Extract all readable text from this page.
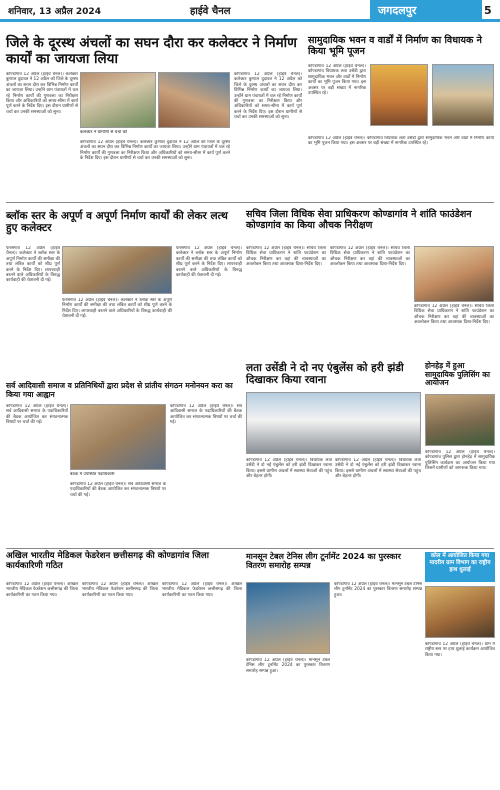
शनिवार, 13 अप्रैल 2024	हाईवे चैनल	जगदलपुर	5
जिले के दूरस्थ अंचलों का सघन दौरा कर कलेक्टर ने निर्माण कार्यों का जायजा लिया
कोण्डागांव 12 अप्रैल (हाईवे चैनल)। कलेक्टर कुणाल दुदावत ने 12 अप्रैल को जिले के दूरस्थ अंचलों का सघन दौरा कर विभिन्न निर्माण कार्यों का जायजा लिया। उन्होंने ग्राम पंचायतों में चल रहे निर्माण कार्यों की गुणवत्ता का निरीक्षण किया और अधिकारियों को समय-सीमा में कार्य पूर्ण करने के निर्देश दिए। इस दौरान ग्रामीणों से चर्चा कर उनकी समस्याओं को सुना।
कलेक्टर ने ग्रामीणों से चर्चा की
कोण्डागांव 12 अप्रैल (हाईवे चैनल)। कलेक्टर कुणाल दुदावत ने 12 अप्रैल को जिले के दूरस्थ अंचलों का सघन दौरा कर विभिन्न निर्माण कार्यों का जायजा लिया। उन्होंने ग्राम पंचायतों में चल रहे निर्माण कार्यों की गुणवत्ता का निरीक्षण किया और अधिकारियों को समय-सीमा में कार्य पूर्ण करने के निर्देश दिए। इस दौरान ग्रामीणों से चर्चा कर उनकी समस्याओं को सुना।
कोण्डागांव 12 अप्रैल (हाईवे चैनल)। कलेक्टर कुणाल दुदावत ने 12 अप्रैल को जिले के दूरस्थ अंचलों का सघन दौरा कर विभिन्न निर्माण कार्यों का जायजा लिया। उन्होंने ग्राम पंचायतों में चल रहे निर्माण कार्यों की गुणवत्ता का निरीक्षण किया और अधिकारियों को समय-सीमा में कार्य पूर्ण करने के निर्देश दिए। इस दौरान ग्रामीणों से चर्चा कर उनकी समस्याओं को सुना।
सामुदायिक भवन व वार्डों में निर्माण का विधायक ने किया भूमि पूजन
कोण्डागांव 12 अप्रैल (हाईवे चैनल)। कोण्डागांव विधायक लता उसेंडी द्वारा सामुदायिक भवन और वार्डों में निर्माण कार्यों का भूमि पूजन किया गया। इस अवसर पर बड़ी संख्या में नागरिक उपस्थित रहे।
कोण्डागांव 12 अप्रैल (हाईवे चैनल)। कोण्डागांव विधायक लता उसेंडी द्वारा सामुदायिक भवन और वार्डों में निर्माण कार्यों का भूमि पूजन किया गया। इस अवसर पर बड़ी संख्या में नागरिक उपस्थित रहे।
ब्लॉक स्तर के अपूर्ण व अपूर्ण निर्माण कार्यों की लेकर लत्थ हुए कलेक्टर
फरसगांव 12 अप्रैल (हाईवे चैनल)। कलेक्टर ने ब्लॉक स्तर के अपूर्ण निर्माण कार्यों की समीक्षा की तथा लंबित कार्यों को शीघ्र पूर्ण करने के निर्देश दिए। लापरवाही बरतने वाले अधिकारियों के विरुद्ध कार्यवाही की चेतावनी दी गई।
फरसगांव 12 अप्रैल (हाईवे चैनल)। कलेक्टर ने ब्लॉक स्तर के अपूर्ण निर्माण कार्यों की समीक्षा की तथा लंबित कार्यों को शीघ्र पूर्ण करने के निर्देश दिए। लापरवाही बरतने वाले अधिकारियों के विरुद्ध कार्यवाही की चेतावनी दी गई।
फरसगांव 12 अप्रैल (हाईवे चैनल)। कलेक्टर ने ब्लॉक स्तर के अपूर्ण निर्माण कार्यों की समीक्षा की तथा लंबित कार्यों को शीघ्र पूर्ण करने के निर्देश दिए। लापरवाही बरतने वाले अधिकारियों के विरुद्ध कार्यवाही की चेतावनी दी गई।
सचिव जिला विधिक सेवा प्राधिकरण कोण्डागांव ने शांति फाउंडेशन कोण्डागांव का किया औचक निरीक्षण
कोण्डागांव 12 अप्रैल (हाईवे चैनल)। सचिव जिला विधिक सेवा प्राधिकरण ने शांति फाउंडेशन का औचक निरीक्षण कर वहां की व्यवस्थाओं का अवलोकन किया तथा आवश्यक दिशा-निर्देश दिए।
कोण्डागांव 12 अप्रैल (हाईवे चैनल)। सचिव जिला विधिक सेवा प्राधिकरण ने शांति फाउंडेशन का औचक निरीक्षण कर वहां की व्यवस्थाओं का अवलोकन किया तथा आवश्यक दिशा-निर्देश दिए।
कोण्डागांव 12 अप्रैल (हाईवे चैनल)। सचिव जिला विधिक सेवा प्राधिकरण ने शांति फाउंडेशन का औचक निरीक्षण कर वहां की व्यवस्थाओं का अवलोकन किया तथा आवश्यक दिशा-निर्देश दिए।
लता उसेंडी ने दो नए एंबुलेंस को हरी झंडी दिखाकर किया रवाना
कोण्डागांव 12 अप्रैल (हाईवे चैनल)। विधायक लता उसेंडी ने दो नई एंबुलेंस को हरी झंडी दिखाकर रवाना किया। इससे ग्रामीण अंचलों में स्वास्थ्य सेवाओं की पहुंच और बेहतर होगी।
कोण्डागांव 12 अप्रैल (हाईवे चैनल)। विधायक लता उसेंडी ने दो नई एंबुलेंस को हरी झंडी दिखाकर रवाना किया। इससे ग्रामीण अंचलों में स्वास्थ्य सेवाओं की पहुंच और बेहतर होगी।
होनहेड़ में हुआ सामुदायिक पुलिसिंग का आयोजन
कोण्डागांव 12 अप्रैल (हाईवे चैनल)। कोण्डागांव पुलिस द्वारा होनहेड़ में सामुदायिक पुलिसिंग कार्यक्रम का आयोजन किया गया जिसमें ग्रामीणों को जागरूक किया गया।
सर्व आदिवासी समाज व प्रतिनिधियों द्वारा प्रदेश से प्रांतीय संगठन मनोनयन करा का किया गया आह्वान
कोण्डागांव 12 अप्रैल (हाईवे चैनल)। सर्व आदिवासी समाज के पदाधिकारियों की बैठक आयोजित कर संगठनात्मक विषयों पर चर्चा की गई।
बैठक में उपस्थित पदाधिकारी
कोण्डागांव 12 अप्रैल (हाईवे चैनल)। सर्व आदिवासी समाज के पदाधिकारियों की बैठक आयोजित कर संगठनात्मक विषयों पर चर्चा की गई।
कोण्डागांव 12 अप्रैल (हाईवे चैनल)। सर्व आदिवासी समाज के पदाधिकारियों की बैठक आयोजित कर संगठनात्मक विषयों पर चर्चा की गई।
अखिल भारतीय मेडिकल फेडरेशन छत्तीसगढ़ की कोण्डागांव जिला कार्यकारिणी गठित
कोण्डागांव 12 अप्रैल (हाईवे चैनल)। अखिल भारतीय मेडिकल फेडरेशन छत्तीसगढ़ की जिला कार्यकारिणी का गठन किया गया।
कोण्डागांव 12 अप्रैल (हाईवे चैनल)। अखिल भारतीय मेडिकल फेडरेशन छत्तीसगढ़ की जिला कार्यकारिणी का गठन किया गया।
कोण्डागांव 12 अप्रैल (हाईवे चैनल)। अखिल भारतीय मेडिकल फेडरेशन छत्तीसगढ़ की जिला कार्यकारिणी का गठन किया गया।
मानसून टेबल टेनिस लीग टूर्नामेंट 2024 का पुरस्कार वितरण समारोह सम्पन्न
कोण्डागांव 12 अप्रैल (हाईवे चैनल)। मानसून टेबल टेनिस लीग टूर्नामेंट 2024 का पुरस्कार वितरण समारोह सम्पन्न हुआ।
कोण्डागांव 12 अप्रैल (हाईवे चैनल)। मानसून टेबल टेनिस लीग टूर्नामेंट 2024 का पुरस्कार वितरण समारोह सम्पन्न हुआ।
कोल में आयोजित किया गया मादरीय ग्राम विभाग का राष्ट्रीय हाथ धुलाई
कोण्डागांव 12 अप्रैल (हाईवे चैनल)। ग्राम में राष्ट्रीय स्तर पर हाथ धुलाई कार्यक्रम आयोजित किया गया।
